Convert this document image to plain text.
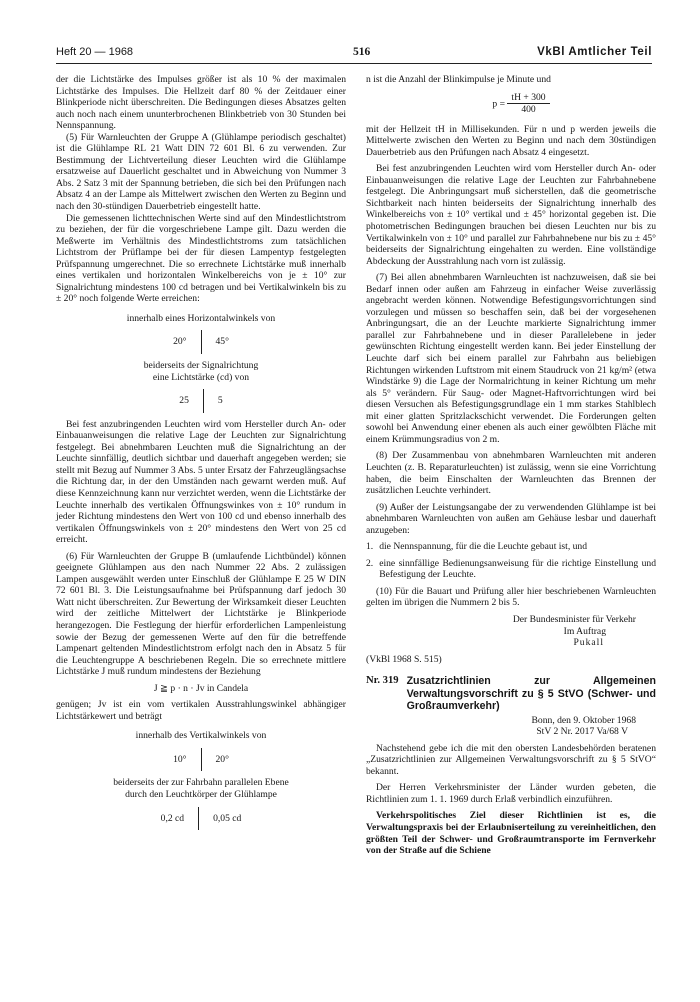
Heft 20 — 1968	516	VkBl Amtlicher Teil

der die Lichtstärke des Impulses größer ist als 10 % der maximalen Lichtstärke des Impulses. Die Hellzeit darf 80 % der Zeitdauer einer Blinkperiode nicht überschreiten. Die Bedingungen dieses Absatzes gelten auch noch nach einem ununterbrochenen Blinkbetrieb von 30 Stunden bei Nennspannung.

(5) Für Warnleuchten der Gruppe A (Glühlampe periodisch geschaltet) ist die Glühlampe RL 21 Watt DIN 72 601 Bl. 6 zu verwenden. Zur Bestimmung der Lichtverteilung dieser Leuchten wird die Glühlampe ersatzweise auf Dauerlicht geschaltet und in Abweichung von Nummer 3 Abs. 2 Satz 3 mit der Spannung betrieben, die sich bei den Prüfungen nach Absatz 4 an der Lampe als Mittelwert zwischen den Werten zu Beginn und nach den 30-stündigen Dauerbetrieb eingestellt hatte.

Die gemessenen lichttechnischen Werte sind auf den Mindestlichtstrom zu beziehen, der für die vorgeschriebene Lampe gilt. Dazu werden die Meßwerte im Verhältnis des Mindestlichtstroms zum tatsächlichen Lichtstrom der Prüflampe bei der für diesen Lampentyp festgelegten Prüfspannung umgerechnet. Die so errechnete Lichtstärke muß innerhalb eines vertikalen und horizontalen Winkelbereichs von je ± 10° zur Signalrichtung mindestens 100 cd betragen und bei Vertikalwinkeln bis zu ± 20° noch folgende Werte erreichen:

innerhalb eines Horizontalwinkels von

20°	45°

beiderseits der Signalrichtung

eine Lichtstärke (cd) von

25	5

Bei fest anzubringenden Leuchten wird vom Hersteller durch An- oder Einbauanweisungen die relative Lage der Leuchten zur Signalrichtung festgelegt. Bei abnehmbaren Leuchten muß die Signalrichtung an der Leuchte sinnfällig, deutlich sichtbar und dauerhaft angegeben werden; sie stellt mit Bezug auf Nummer 3 Abs. 5 unter Ersatz der Fahrzeuglängsachse die Richtung dar, in der den Umständen nach gewarnt werden muß. Auf diese Kennzeichnung kann nur verzichtet werden, wenn die Lichtstärke der Leuchte innerhalb des vertikalen Öffnungswinkes von ± 10° rundum in jeder Richtung mindestens den Wert von 100 cd und ebenso innerhalb des vertikalen Öffnungswinkels von ± 20° mindestens den Wert von 25 cd erreicht.

(6) Für Warnleuchten der Gruppe B (umlaufende Lichtbündel) können geeignete Glühlampen aus den nach Nummer 22 Abs. 2 zulässigen Lampen ausgewählt werden unter Einschluß der Glühlampe E 25 W DIN 72 601 Bl. 3. Die Leistungsaufnahme bei Prüfspannung darf jedoch 30 Watt nicht überschreiten. Zur Bewertung der Wirksamkeit dieser Leuchten wird der zeitliche Mittelwert der Lichtstärke je Blinkperiode herangezogen. Die Festlegung der hierfür erforderlichen Lampenleistung sowie der Bezug der gemessenen Werte auf den für die betreffende Lampenart geltenden Mindestlichtstrom erfolgt nach den in Absatz 5 für die Leuchtengruppe A beschriebenen Regeln. Die so errechnete mittlere Lichtstärke J muß rundum mindestens der Beziehung

J ≧ p · n · Jv in Candela

genügen; Jv ist ein vom vertikalen Ausstrahlungswinkel abhängiger Lichtstärkewert und beträgt

innerhalb des Vertikalwinkels von

10°	20°

beiderseits der zur Fahrbahn parallelen Ebene

durch den Leuchtkörper der Glühlampe

0,2 cd	0,05 cd

n ist die Anzahl der Blinkimpulse je Minute und

$p = \frac{tH + 300}{400}$

mit der Hellzeit tH in Millisekunden. Für n und p werden jeweils die Mittelwerte zwischen den Werten zu Beginn und nach dem 30stündigen Dauerbetrieb aus den Prüfungen nach Absatz 4 eingesetzt.

Bei fest anzubringenden Leuchten wird vom Hersteller durch An- oder Einbauanweisungen die relative Lage der Leuchten zur Fahrbahnebene festgelegt. Die Anbringungsart muß sicherstellen, daß die geometrische Sichtbarkeit nach hinten beiderseits der Signalrichtung innerhalb des Winkelbereichs von ± 10° vertikal und ± 45° horizontal gegeben ist. Die photometrischen Bedingungen brauchen bei diesen Leuchten nur bis zu Vertikalwinkeln von ± 10° und parallel zur Fahrbahnebene nur bis zu ± 45° beiderseits der Signalrichtung eingehalten zu werden. Eine vollständige Abdeckung der Ausstrahlung nach vorn ist zulässig.

(7) Bei allen abnehmbaren Warnleuchten ist nachzuweisen, daß sie bei Bedarf innen oder außen am Fahrzeug in einfacher Weise zuverlässig angebracht werden können. Notwendige Befestigungsvorrichtungen sind vorzulegen und müssen so beschaffen sein, daß bei der vorgesehenen Anbringungsart, die an der Leuchte markierte Signalrichtung immer parallel zur Fahrbahnebene und in dieser Parallelebene in jeder gewünschten Richtung eingestellt werden kann. Bei jeder Einstellung der Leuchte darf sich bei einem parallel zur Fahrbahn aus beliebigen Richtungen wirkenden Luftstrom mit einem Staudruck von 21 kg/m² (etwa Windstärke 9) die Lage der Normalrichtung in keiner Richtung um mehr als 5° verändern. Für Saug- oder Magnet-Haftvorrichtungen wird bei diesen Versuchen als Befestigungsgrundlage ein 1 mm starkes Stahlblech mit einer glatten Spritzlackschicht verwendet. Die Forderungen gelten sowohl bei Anwendung einer ebenen als auch einer gewölbten Fläche mit einem Krümmungsradius von 2 m.

(8) Der Zusammenbau von abnehmbaren Warnleuchten mit anderen Leuchten (z. B. Reparaturleuchten) ist zulässig, wenn sie eine Vorrichtung haben, die beim Einschalten der Warnleuchten das Brennen der zusätzlichen Leuchte verhindert.

(9) Außer der Leistungsangabe der zu verwendenden Glühlampe ist bei abnehmbaren Warnleuchten von außen am Gehäuse lesbar und dauerhaft anzugeben:

1. die Nennspannung, für die die Leuchte gebaut ist, und
2. eine sinnfällige Bedienungsanweisung für die richtige Einstellung und Befestigung der Leuchte.

(10) Für die Bauart und Prüfung aller hier beschriebenen Warnleuchten gelten im übrigen die Nummern 2 bis 5.

Der Bundesminister für Verkehr

Im Auftrag

Pukall

(VkBl 1968 S. 515)

Nr. 319 Zusatzrichtlinien zur Allgemeinen Verwaltungsvorschrift zu § 5 StVO (Schwer- und Großraumverkehr)

Bonn, den 9. Oktober 1968

StV 2 Nr. 2017 Va/68 V

Nachstehend gebe ich die mit den obersten Landesbehörden beratenen „Zusatzrichtlinien zur Allgemeinen Verwaltungsvorschrift zu § 5 StVO“ bekannt.

Der Herren Verkehrsminister der Länder wurden gebeten, die Richtlinien zum 1. 1. 1969 durch Erlaß verbindlich einzuführen.

Verkehrspolitisches Ziel dieser Richtlinien ist es, die Verwaltungspraxis bei der Erlaubniserteilung zu vereinheitlichen, den größten Teil der Schwer- und Großraumtransporte im Fernverkehr von der Straße auf die Schiene
